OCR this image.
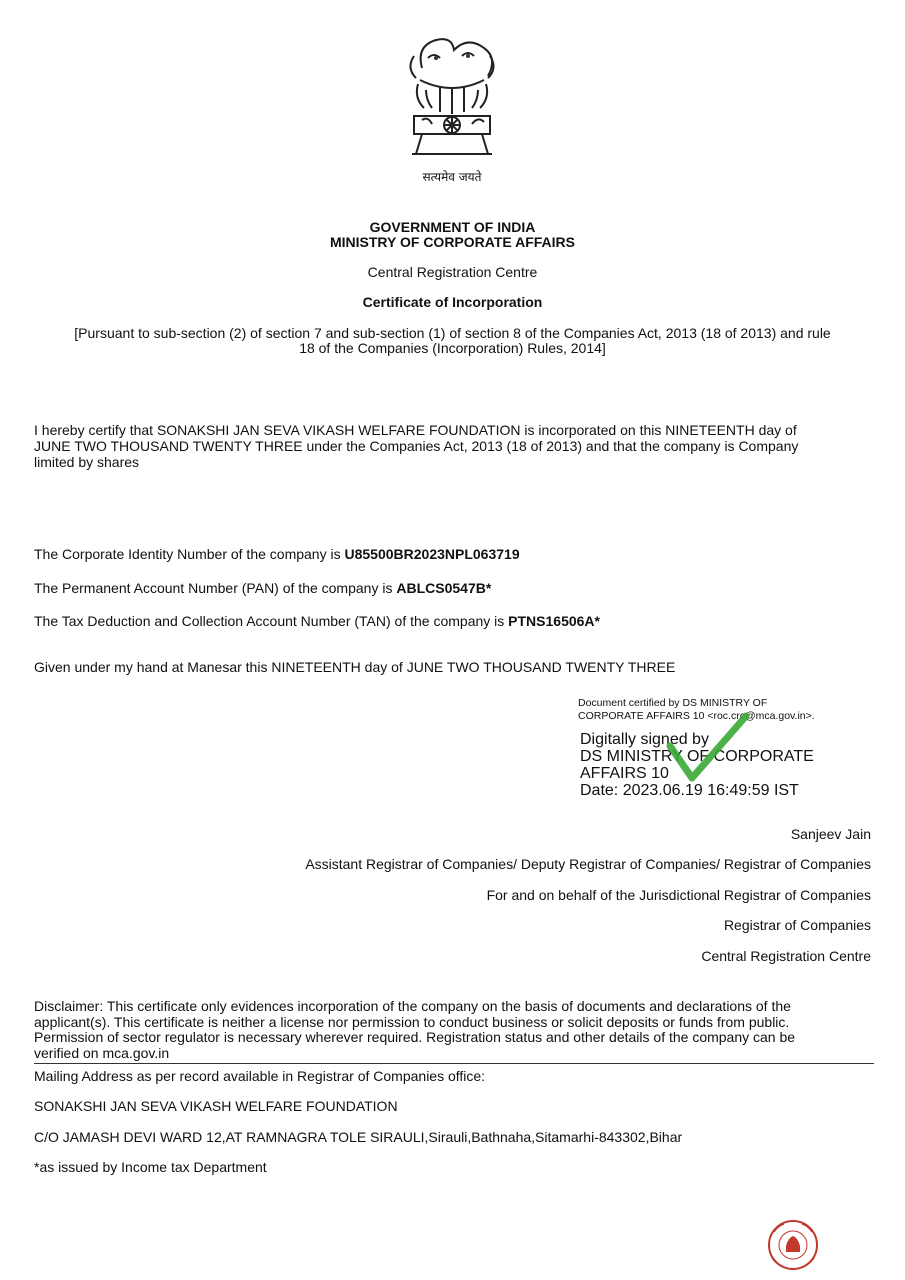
सत्यमेव जयते
GOVERNMENT OF INDIA
MINISTRY OF CORPORATE AFFAIRS
Central Registration Centre
Certificate of Incorporation
[Pursuant to sub-section (2) of section 7 and sub-section (1) of section 8 of the Companies Act, 2013 (18 of 2013) and rule
18 of the Companies (Incorporation) Rules, 2014]
I hereby certify that SONAKSHI JAN SEVA VIKASH WELFARE FOUNDATION is incorporated on this NINETEENTH day of
JUNE TWO THOUSAND TWENTY THREE under the Companies Act, 2013 (18 of 2013) and that the company is Company
limited by shares
The Corporate Identity Number of the company is U85500BR2023NPL063719
The Permanent Account Number (PAN) of the company is ABLCS0547B*
The Tax Deduction and Collection Account Number (TAN) of the company is PTNS16506A*
Given under my hand at Manesar this NINETEENTH day of JUNE TWO THOUSAND TWENTY THREE
Document certified by DS MINISTRY OF
CORPORATE AFFAIRS 10 <roc.crc@mca.gov.in>.
Digitally signed by
DS MINISTRY OF CORPORATE
AFFAIRS 10
Date: 2023.06.19 16:49:59 IST
Sanjeev Jain
Assistant Registrar of Companies/ Deputy Registrar of Companies/ Registrar of Companies
For and on behalf of the Jurisdictional Registrar of Companies
Registrar of Companies
Central Registration Centre
Disclaimer: This certificate only evidences incorporation of the company on the basis of documents and declarations of the
applicant(s). This certificate is neither a license nor permission to conduct business or solicit deposits or funds from public.
Permission of sector regulator is necessary wherever required. Registration status and other details of the company can be
verified on mca.gov.in
Mailing Address as per record available in Registrar of Companies office:
SONAKSHI JAN SEVA VIKASH WELFARE FOUNDATION
C/O JAMASH DEVI WARD 12,AT RAMNAGRA TOLE SIRAULI,Sirauli,Bathnaha,Sitamarhi-843302,Bihar
*as issued by Income tax Department
